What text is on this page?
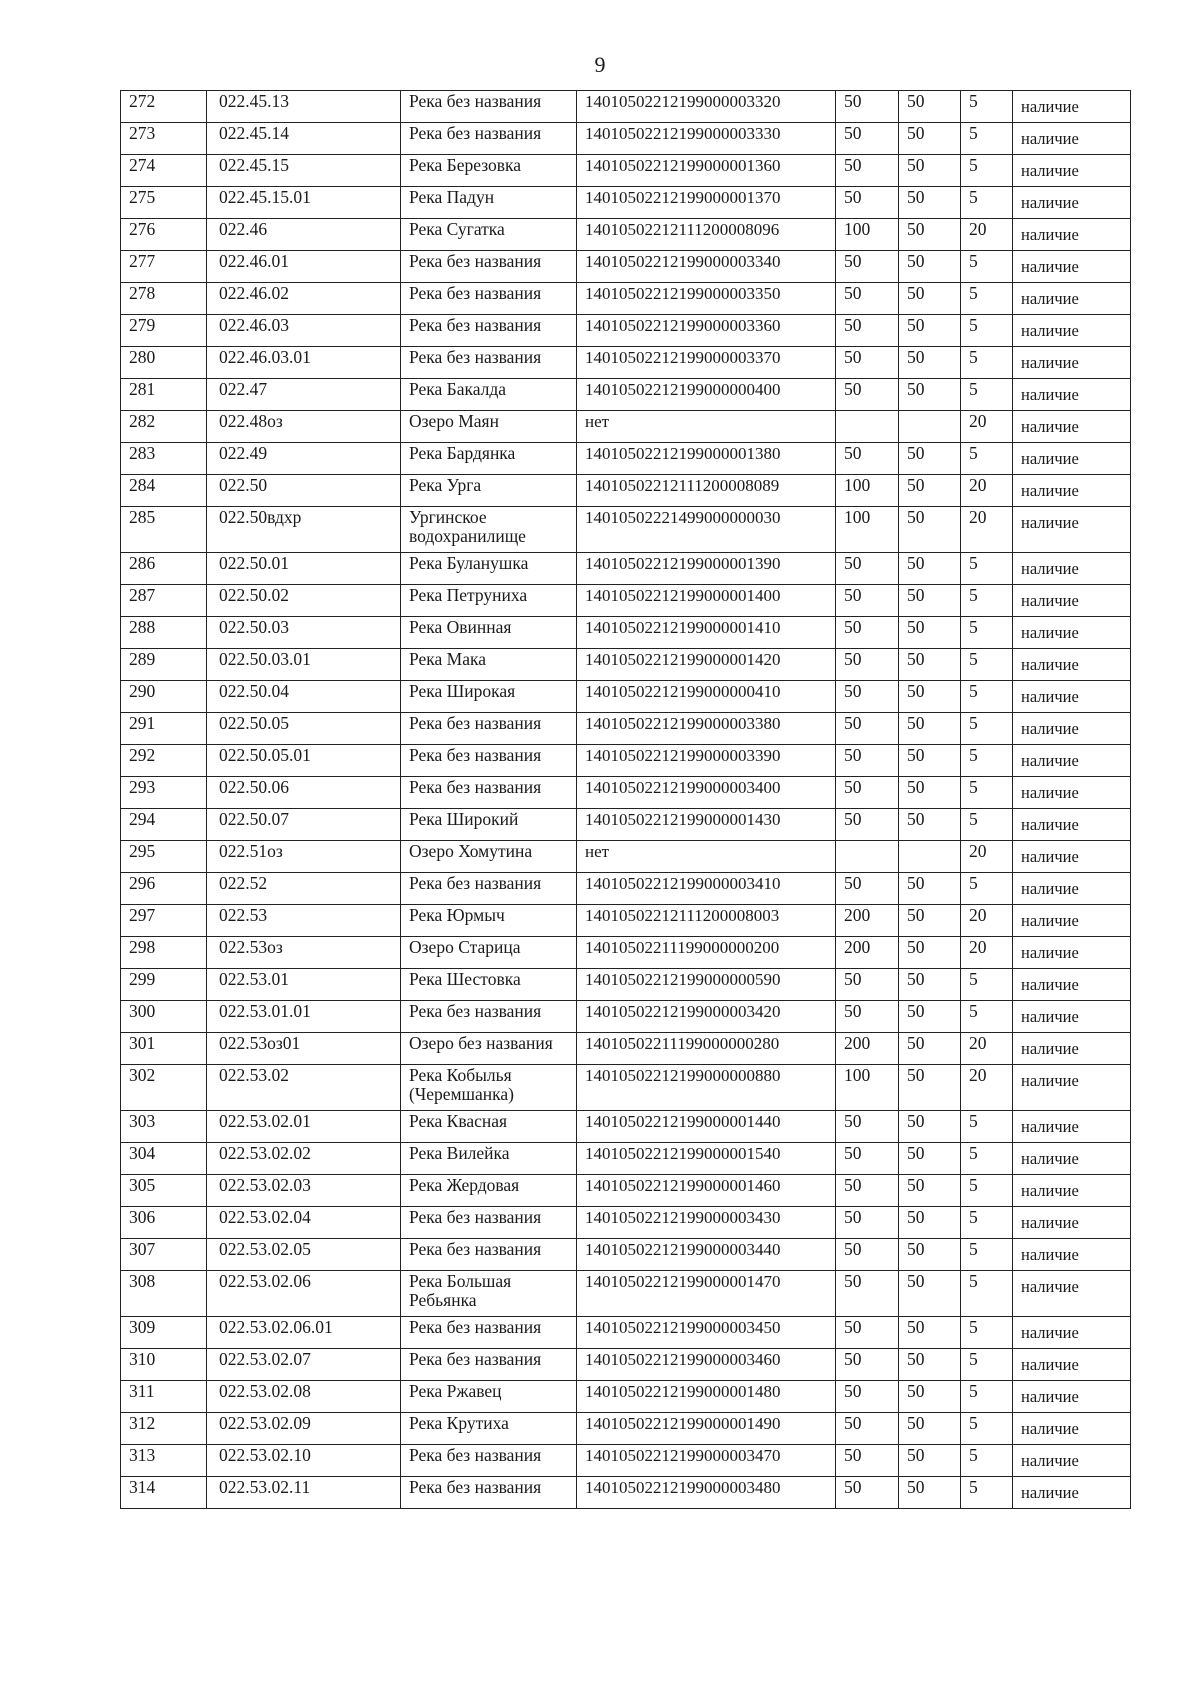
9
272	022.45.13	Река без названия	14010502212199000003320	50	50	5	наличие
273	022.45.14	Река без названия	14010502212199000003330	50	50	5	наличие
274	022.45.15	Река Березовка	14010502212199000001360	50	50	5	наличие
275	022.45.15.01	Река Падун	14010502212199000001370	50	50	5	наличие
276	022.46	Река Сугатка	14010502212111200008096	100	50	20	наличие
277	022.46.01	Река без названия	14010502212199000003340	50	50	5	наличие
278	022.46.02	Река без названия	14010502212199000003350	50	50	5	наличие
279	022.46.03	Река без названия	14010502212199000003360	50	50	5	наличие
280	022.46.03.01	Река без названия	14010502212199000003370	50	50	5	наличие
281	022.47	Река Бакалда	14010502212199000000400	50	50	5	наличие
282	022.48оз	Озеро Маян	нет			20	наличие
283	022.49	Река Бардянка	14010502212199000001380	50	50	5	наличие
284	022.50	Река Урга	14010502212111200008089	100	50	20	наличие
285	022.50вдхр	Ургинское водохранилище	14010502221499000000030	100	50	20	наличие
286	022.50.01	Река Буланушка	14010502212199000001390	50	50	5	наличие
287	022.50.02	Река Петруниха	14010502212199000001400	50	50	5	наличие
288	022.50.03	Река Овинная	14010502212199000001410	50	50	5	наличие
289	022.50.03.01	Река Мака	14010502212199000001420	50	50	5	наличие
290	022.50.04	Река Широкая	14010502212199000000410	50	50	5	наличие
291	022.50.05	Река без названия	14010502212199000003380	50	50	5	наличие
292	022.50.05.01	Река без названия	14010502212199000003390	50	50	5	наличие
293	022.50.06	Река без названия	14010502212199000003400	50	50	5	наличие
294	022.50.07	Река Широкий	14010502212199000001430	50	50	5	наличие
295	022.51оз	Озеро Хомутина	нет			20	наличие
296	022.52	Река без названия	14010502212199000003410	50	50	5	наличие
297	022.53	Река Юрмыч	14010502212111200008003	200	50	20	наличие
298	022.53оз	Озеро Старица	14010502211199000000200	200	50	20	наличие
299	022.53.01	Река Шестовка	14010502212199000000590	50	50	5	наличие
300	022.53.01.01	Река без названия	14010502212199000003420	50	50	5	наличие
301	022.53оз01	Озеро без названия	14010502211199000000280	200	50	20	наличие
302	022.53.02	Река Кобылья (Черемшанка)	14010502212199000000880	100	50	20	наличие
303	022.53.02.01	Река Квасная	14010502212199000001440	50	50	5	наличие
304	022.53.02.02	Река Вилейка	14010502212199000001540	50	50	5	наличие
305	022.53.02.03	Река Жердовая	14010502212199000001460	50	50	5	наличие
306	022.53.02.04	Река без названия	14010502212199000003430	50	50	5	наличие
307	022.53.02.05	Река без названия	14010502212199000003440	50	50	5	наличие
308	022.53.02.06	Река Большая Ребьянка	14010502212199000001470	50	50	5	наличие
309	022.53.02.06.01	Река без названия	14010502212199000003450	50	50	5	наличие
310	022.53.02.07	Река без названия	14010502212199000003460	50	50	5	наличие
311	022.53.02.08	Река Ржавец	14010502212199000001480	50	50	5	наличие
312	022.53.02.09	Река Крутиха	14010502212199000001490	50	50	5	наличие
313	022.53.02.10	Река без названия	14010502212199000003470	50	50	5	наличие
314	022.53.02.11	Река без названия	14010502212199000003480	50	50	5	наличие
